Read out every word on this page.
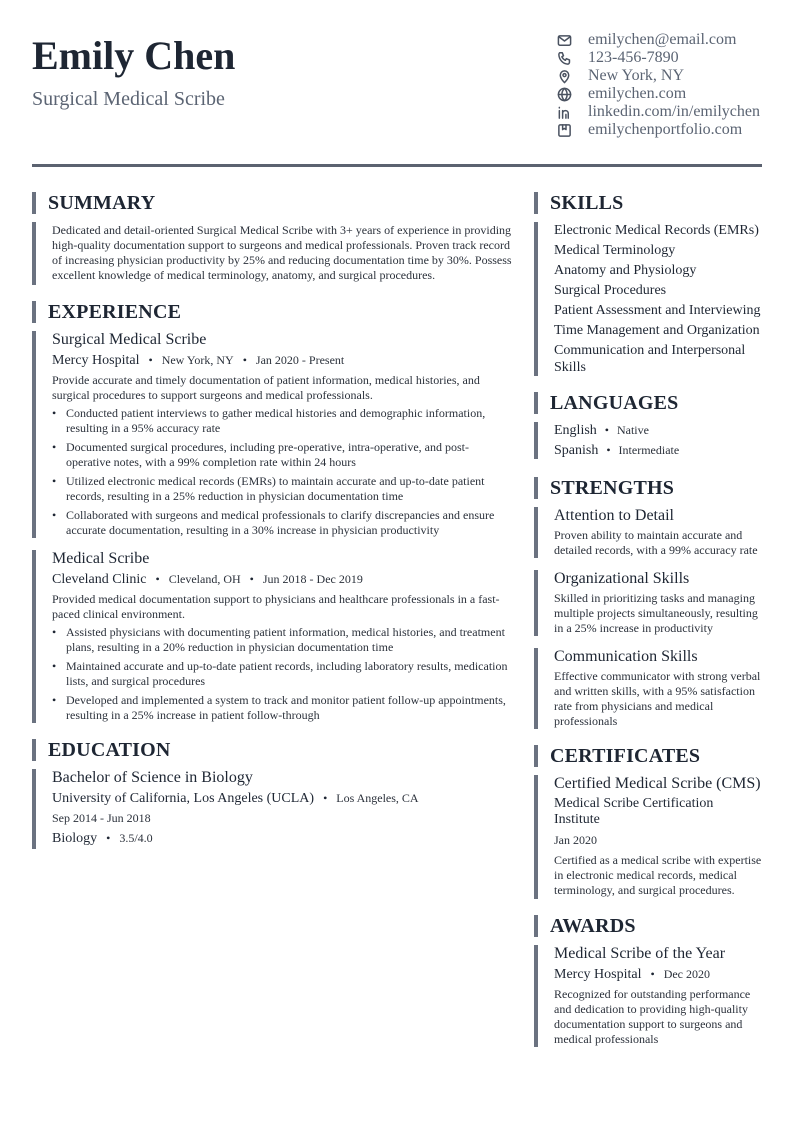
Emily Chen
Surgical Medical Scribe
emilychen@email.com
123-456-7890
New York, NY
emilychen.com
linkedin.com/in/emilychen
emilychenportfolio.com
SUMMARY
Dedicated and detail-oriented Surgical Medical Scribe with 3+ years of experience in providing high-quality documentation support to surgeons and medical professionals. Proven track record of increasing physician productivity by 25% and reducing documentation time by 30%. Possess excellent knowledge of medical terminology, anatomy, and surgical procedures.
EXPERIENCE
Surgical Medical Scribe
Mercy Hospital • New York, NY • Jan 2020 - Present
Provide accurate and timely documentation of patient information, medical histories, and surgical procedures to support surgeons and medical professionals.
• Conducted patient interviews to gather medical histories and demographic information, resulting in a 95% accuracy rate
• Documented surgical procedures, including pre-operative, intra-operative, and post-operative notes, with a 99% completion rate within 24 hours
• Utilized electronic medical records (EMRs) to maintain accurate and up-to-date patient records, resulting in a 25% reduction in physician documentation time
• Collaborated with surgeons and medical professionals to clarify discrepancies and ensure accurate documentation, resulting in a 30% increase in physician productivity
Medical Scribe
Cleveland Clinic • Cleveland, OH • Jun 2018 - Dec 2019
Provided medical documentation support to physicians and healthcare professionals in a fast-paced clinical environment.
• Assisted physicians with documenting patient information, medical histories, and treatment plans, resulting in a 20% reduction in physician documentation time
• Maintained accurate and up-to-date patient records, including laboratory results, medication lists, and surgical procedures
• Developed and implemented a system to track and monitor patient follow-up appointments, resulting in a 25% increase in patient follow-through
EDUCATION
Bachelor of Science in Biology
University of California, Los Angeles (UCLA) • Los Angeles, CA
Sep 2014 - Jun 2018
Biology • 3.5/4.0
SKILLS
Electronic Medical Records (EMRs)
Medical Terminology
Anatomy and Physiology
Surgical Procedures
Patient Assessment and Interviewing
Time Management and Organization
Communication and Interpersonal Skills
LANGUAGES
English • Native
Spanish • Intermediate
STRENGTHS
Attention to Detail
Proven ability to maintain accurate and detailed records, with a 99% accuracy rate
Organizational Skills
Skilled in prioritizing tasks and managing multiple projects simultaneously, resulting in a 25% increase in productivity
Communication Skills
Effective communicator with strong verbal and written skills, with a 95% satisfaction rate from physicians and medical professionals
CERTIFICATES
Certified Medical Scribe (CMS)
Medical Scribe Certification Institute
Jan 2020
Certified as a medical scribe with expertise in electronic medical records, medical terminology, and surgical procedures.
AWARDS
Medical Scribe of the Year
Mercy Hospital • Dec 2020
Recognized for outstanding performance and dedication to providing high-quality documentation support to surgeons and medical professionals
